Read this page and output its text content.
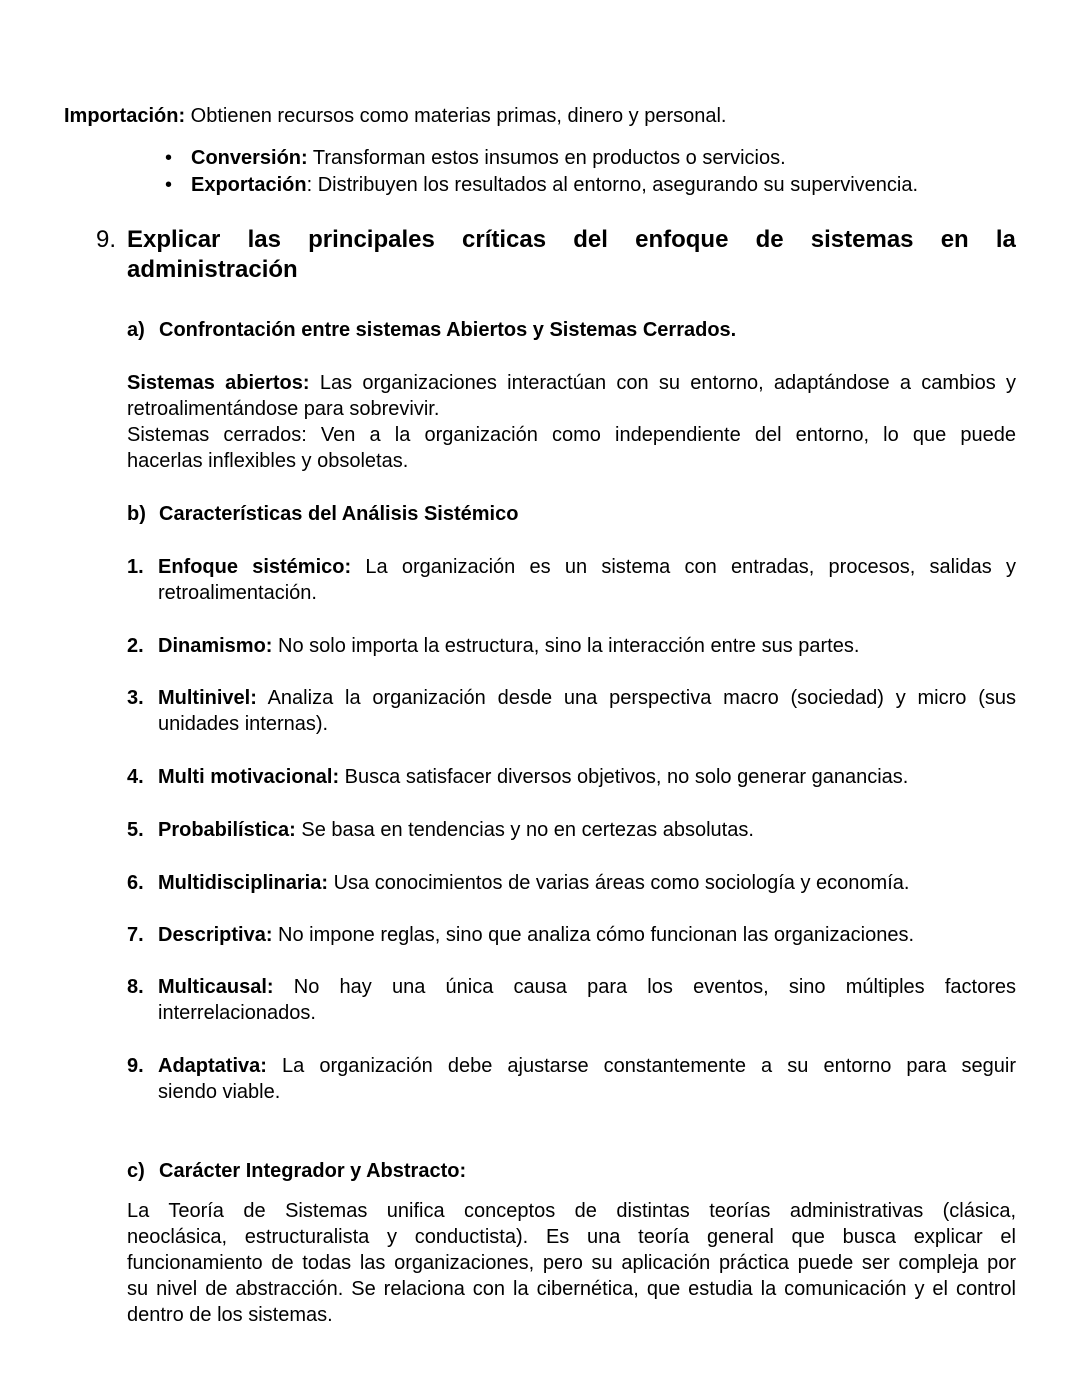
Importación: Obtienen recursos como materias primas, dinero y personal.
• Conversión: Transforman estos insumos en productos o servicios.
• Exportación: Distribuyen los resultados al entorno, asegurando su supervivencia.
9. Explicar las principales críticas del enfoque de sistemas en la
administración
a) Confrontación entre sistemas Abiertos y Sistemas Cerrados.
Sistemas abiertos: Las organizaciones interactúan con su entorno, adaptándose a cambios y
retroalimentándose para sobrevivir.
Sistemas cerrados: Ven a la organización como independiente del entorno, lo que puede
hacerlas inflexibles y obsoletas.
b) Características del Análisis Sistémico
1. Enfoque sistémico: La organización es un sistema con entradas, procesos, salidas y
retroalimentación.
2. Dinamismo: No solo importa la estructura, sino la interacción entre sus partes.
3. Multinivel: Analiza la organización desde una perspectiva macro (sociedad) y micro (sus
unidades internas).
4. Multi motivacional: Busca satisfacer diversos objetivos, no solo generar ganancias.
5. Probabilística: Se basa en tendencias y no en certezas absolutas.
6. Multidisciplinaria: Usa conocimientos de varias áreas como sociología y economía.
7. Descriptiva: No impone reglas, sino que analiza cómo funcionan las organizaciones.
8. Multicausal: No hay una única causa para los eventos, sino múltiples factores
interrelacionados.
9. Adaptativa: La organización debe ajustarse constantemente a su entorno para seguir
siendo viable.
c) Carácter Integrador y Abstracto:
La Teoría de Sistemas unifica conceptos de distintas teorías administrativas (clásica,
neoclásica, estructuralista y conductista). Es una teoría general que busca explicar el
funcionamiento de todas las organizaciones, pero su aplicación práctica puede ser compleja por
su nivel de abstracción. Se relaciona con la cibernética, que estudia la comunicación y el control
dentro de los sistemas.
